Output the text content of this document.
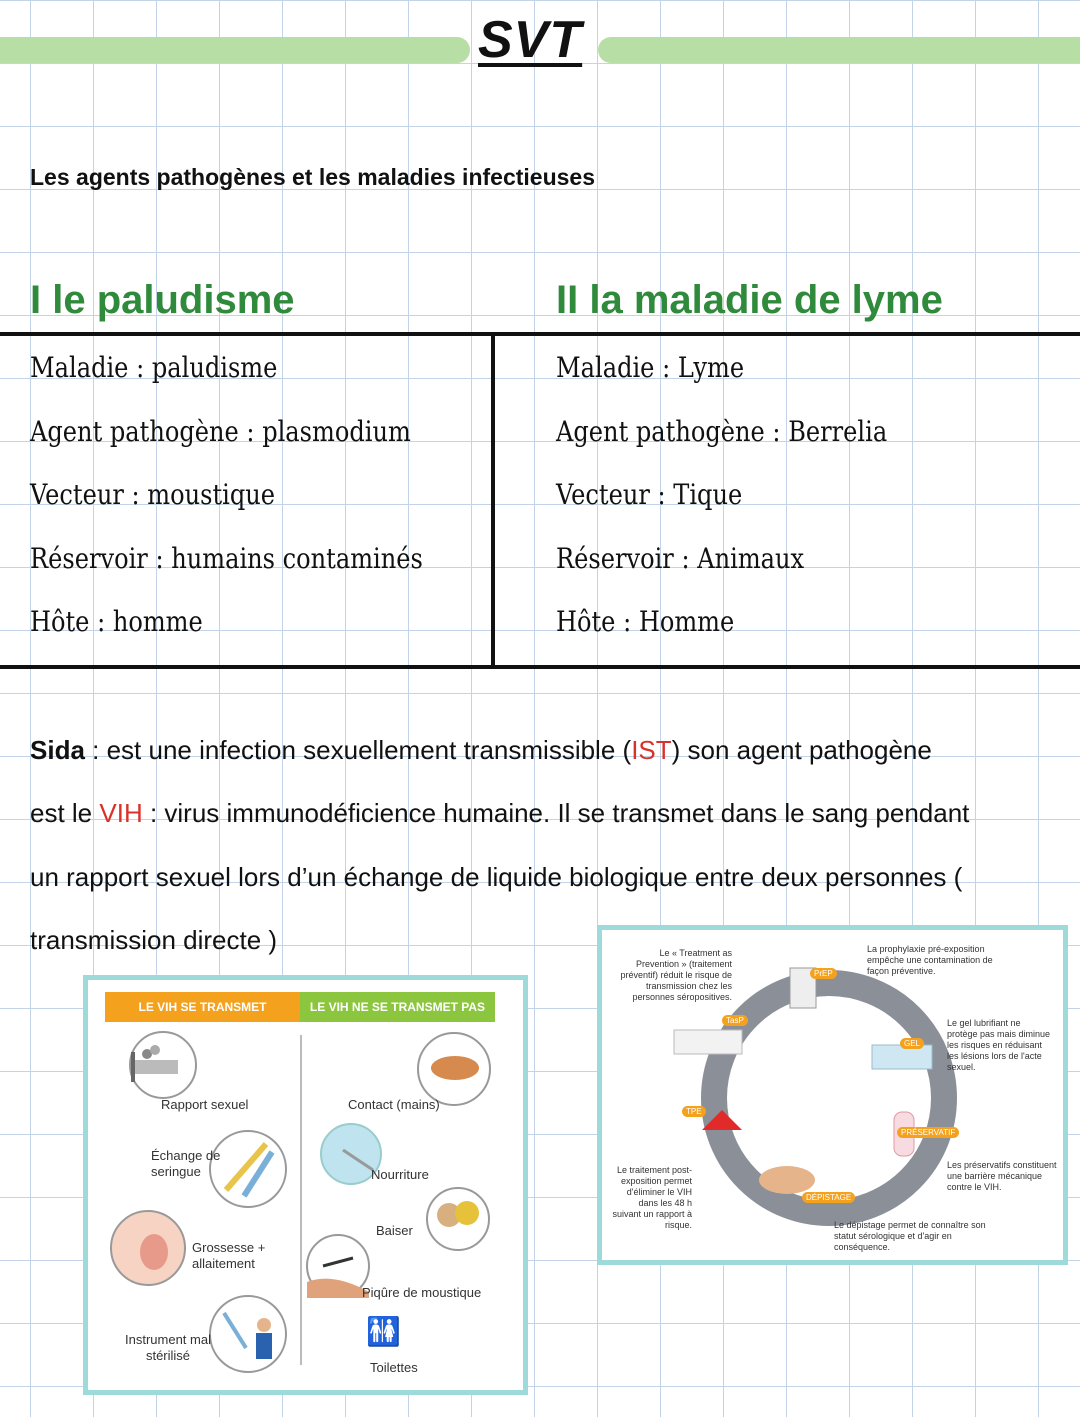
SVT
Les agents pathogènes et les maladies infectieuses
I le paludisme	II la maladie de lyme
Maladie : paludisme
Agent pathogène : plasmodium
Vecteur : moustique
Réservoir : humains contaminés
Hôte : homme
Maladie : Lyme
Agent pathogène : Berrelia
Vecteur : Tique
Réservoir : Animaux
Hôte : Homme
Sida : est une infection sexuellement transmissible (IST) son agent pathogène
est le VIH : virus immunodéficience humaine. Il se transmet dans le sang pendant
un rapport sexuel lors d’un échange de liquide biologique entre deux personnes (
transmission directe )
LE VIH SE TRANSMET	LE VIH NE SE TRANSMET PAS
Rapport sexuel
Échange de seringue
Grossesse + allaitement
Instrument mal stérilisé
Contact (mains)
Nourriture
Baiser
Piqûre de moustique
🚻
Toilettes
PrEP
TasP
GEL
TPE
PRÉSERVATIF
DÉPISTAGE
Le « Treatment as Prevention » (traitement préventif) réduit le risque de transmission chez les personnes séropositives.
La prophylaxie pré-exposition empêche une contamination de façon préventive.
Le gel lubrifiant ne protège pas mais diminue les risques en réduisant les lésions lors de l'acte sexuel.
Le traitement post-exposition permet d'éliminer le VIH dans les 48 h suivant un rapport à risque.
Les préservatifs constituent une barrière mécanique contre le VIH.
Le dépistage permet de connaître son statut sérologique et d'agir en conséquence.
